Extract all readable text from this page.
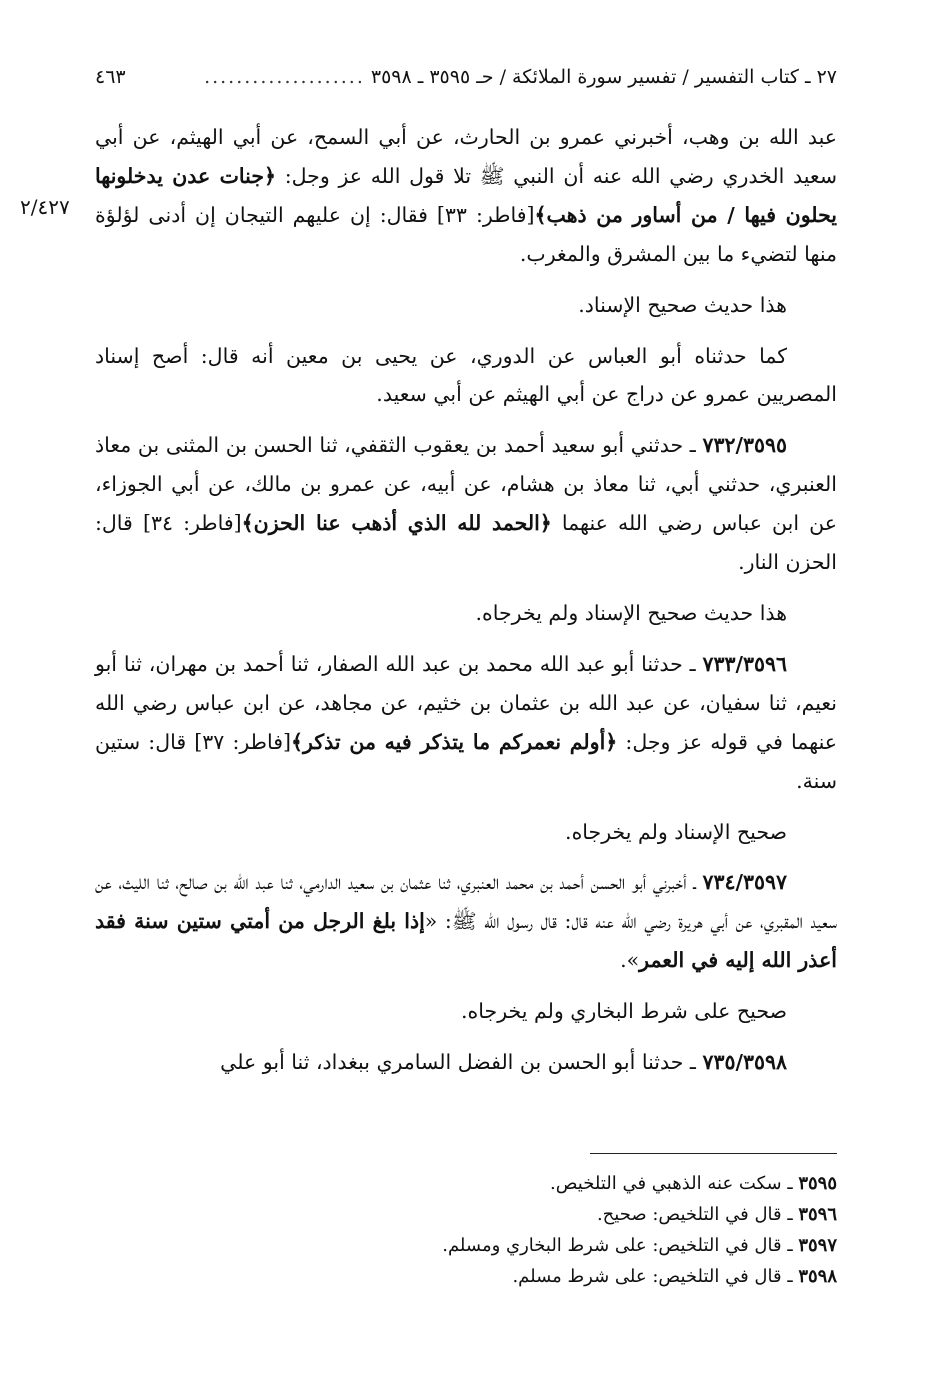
٢٧ ـ كتاب التفسير / تفسير سورة الملائكة / حـ ٣٥٩٥ ـ ٣٥٩٨
....................
٤٦٣
٢/٤٢٧

عبد الله بن وهب، أخبرني عمرو بن الحارث، عن أبي السمح، عن أبي الهيثم، عن أبي سعيد الخدري رضي الله عنه أن النبي ﷺ تلا قول الله عز وجل: ﴿جنات عدن يدخلونها يحلون فيها / من أساور من ذهب﴾[فاطر: ٣٣] فقال: إن عليهم التيجان إن أدنى لؤلؤة منها لتضيء ما بين المشرق والمغرب.

هذا حديث صحيح الإسناد.

كما حدثناه أبو العباس عن الدوري، عن يحيى بن معين أنه قال: أصح إسناد المصريين عمرو عن دراج عن أبي الهيثم عن أبي سعيد.

٧٣٢/٣٥٩٥ ـ حدثني أبو سعيد أحمد بن يعقوب الثقفي، ثنا الحسن بن المثنى بن معاذ العنبري، حدثني أبي، ثنا معاذ بن هشام، عن أبيه، عن عمرو بن مالك، عن أبي الجوزاء، عن ابن عباس رضي الله عنهما ﴿الحمد لله الذي أذهب عنا الحزن﴾[فاطر: ٣٤] قال: الحزن النار.

هذا حديث صحيح الإسناد ولم يخرجاه.

٧٣٣/٣٥٩٦ ـ حدثنا أبو عبد الله محمد بن عبد الله الصفار، ثنا أحمد بن مهران، ثنا أبو نعيم، ثنا سفيان، عن عبد الله بن عثمان بن خثيم، عن مجاهد، عن ابن عباس رضي الله عنهما في قوله عز وجل: ﴿أولم نعمركم ما يتذكر فيه من تذكر﴾[فاطر: ٣٧] قال: ستين سنة.

صحيح الإسناد ولم يخرجاه.

٧٣٤/٣٥٩٧ ـ أخبرني أبو الحسن أحمد بن محمد العنبري، ثنا عثمان بن سعيد الدارمي، ثنا عبد الله بن صالح، ثنا الليث، عن سعيد المقبري، عن أبي هريرة رضي الله عنه قال: قال رسول الله ﷺ: «إذا بلغ الرجل من أمتي ستين سنة فقد أعذر الله إليه في العمر».

صحيح على شرط البخاري ولم يخرجاه.

٧٣٥/٣٥٩٨ ـ حدثنا أبو الحسن بن الفضل السامري ببغداد، ثنا أبو علي

٣٥٩٥ ـ سكت عنه الذهبي في التلخيص.
٣٥٩٦ ـ قال في التلخيص: صحيح.
٣٥٩٧ ـ قال في التلخيص: على شرط البخاري ومسلم.
٣٥٩٨ ـ قال في التلخيص: على شرط مسلم.
